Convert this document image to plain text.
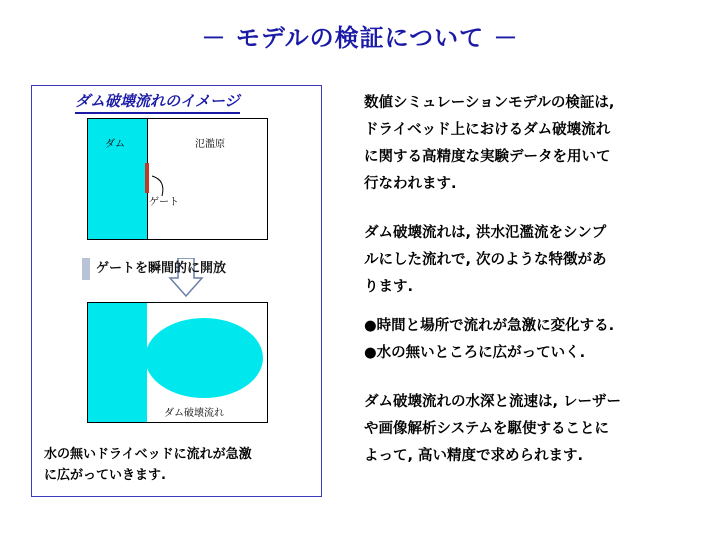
－ モデルの検証について －
ダム破壊流れのイメージ
ダム	氾濫原
ゲート
ゲートを瞬間的に開放
ダム破壊流れ
水の無いドライベッドに流れが急激
に広がっていきます.

数値シミュレーションモデルの検証は,
ドライベッド上におけるダム破壊流れ
に関する高精度な実験データを用いて
行なわれます.

ダム破壊流れは, 洪水氾濫流をシンプ
ルにした流れで, 次のような特徴があ
ります.

●時間と場所で流れが急激に変化する.

●水の無いところに広がっていく.

ダム破壊流れの水深と流速は, レーザー
や画像解析システムを駆使することに
よって, 高い精度で求められます.
